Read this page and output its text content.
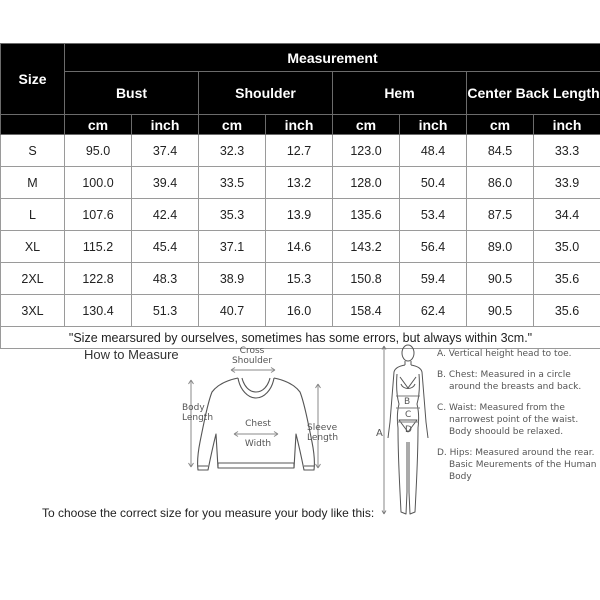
Size	Measurement							
	Bust		Shoulder		Hem		Center Back Length	
	cm	inch	cm	inch	cm	inch	cm	inch
S	95.0	37.4	32.3	12.7	123.0	48.4	84.5	33.3
M	100.0	39.4	33.5	13.2	128.0	50.4	86.0	33.9
L	107.6	42.4	35.3	13.9	135.6	53.4	87.5	34.4
XL	115.2	45.4	37.1	14.6	143.2	56.4	89.0	35.0
2XL	122.8	48.3	38.9	15.3	150.8	59.4	90.5	35.6
3XL	130.4	51.3	40.7	16.0	158.4	62.4	90.5	35.6
"Size mearsured by ourselves, sometimes has some errors, but always within 3cm."								
How to Measure	Cross
Shoulder
Body
Length
Chest
Width
Sleeve
Length
To choose the correct size for you measure your body like this:
A
B
C
D
A. Vertical height head to toe.
B. Chest: Measured in a circle around the breasts and back.
C. Waist: Measured from the narrowest point of the waist. Body shoould be relaxed.
D. Hips: Measured around the rear. Basic Meurements of the Human Body
